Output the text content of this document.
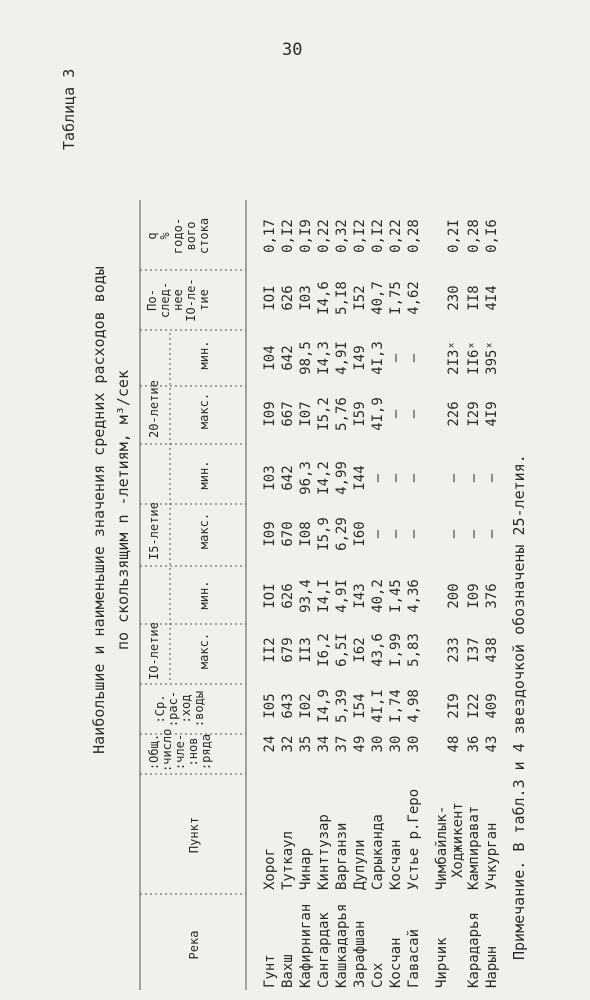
30
Таблица 3
Наибольшие и наименьшие значения средних расходов воды по скользящим n -летиям, м³/сек	Примечание. В табл.3 и 4 звездочкой обозначены 25-летия.
Река
Пункт
:Общ. :число :чле- :нов :ряда
:Ср. :рас- :ход :воды
IO-летие
I5-летие
20-летие
макс.
мин.
макс.
мин.
макс.
мин.
По- след- нее IO-ле- тие
q % годо- вого стока
Гунт
Хорог
24
I05
II2
IOI
I09
I03
I09
I04
IOI
0,17
Вахш
Туткаул
32
643
679
626
670
642
667
642
626
0,I2
Кафирниган
Чинар
35
I02
II3
93,4
I08
96,3
I07
98,5
I03
0,I9
Сангардак
Кинттузар
34
I4,9
I6,2
I4,I
I5,9
I4,2
I5,2
I4,3
I4,6
0,22
Кашкадарья
Варганзи
37
5,39
6,5I
4,9I
6,29
4,99
5,76
4,9I
5,I8
0,32
Зарафшан
Дупули
49
I54
I62
I43
I60
I44
I59
I49
I52
0,I2
Сох
Сарыканда
30
4I,I
43,6
40,2
—
—
4I,9
4I,3
40,7
0,I2
Косчан
Косчан
30
I,74
I,99
I,45
—
—
—
—
I,75
0,22
Гавасай
Устье р.Геро
30
4,98
5,83
4,36
—
—
—
—
4,62
0,28
Чирчик
Чимбайлык- Ходжикент
48
2I9
233
200
—
—
226
2I3ˣ
230
0,2I
Карадарья
Кампирават
36
I22
I37
I09
—
—
I29
II6ˣ
II8
0,28
Нарын
Учкурган
43
409
438
376
—
—
4I9
395ˣ
4I4
0,I6
